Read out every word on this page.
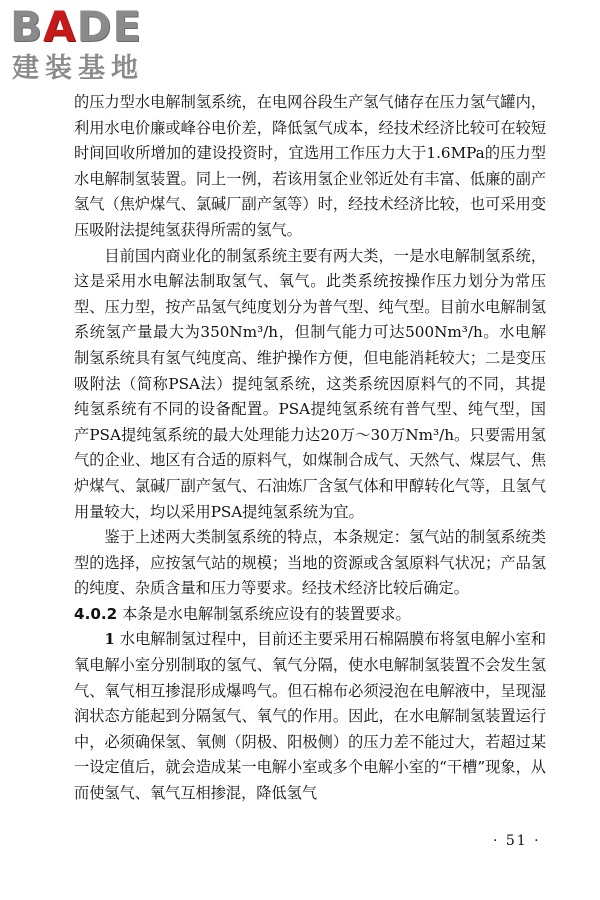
BADE
建装基地

的压力型水电解制氢系统，在电网谷段生产氢气储存在压力氢气罐内，利用水电价廉或峰谷电价差，降低氢气成本，经技术经济比较可在较短时间回收所增加的建设投资时，宜选用工作压力大于1.6MPa的压力型水电解制氢装置。同上一例，若该用氢企业邻近处有丰富、低廉的副产氢气（焦炉煤气、氯碱厂副产氢等）时，经技术经济比较，也可采用变压吸附法提纯氢获得所需的氢气。

目前国内商业化的制氢系统主要有两大类，一是水电解制氢系统，这是采用水电解法制取氢气、氧气。此类系统按操作压力划分为常压型、压力型，按产品氢气纯度划分为普气型、纯气型。目前水电解制氢系统氢产量最大为350Nm³/h，但制气能力可达500Nm³/h。水电解制氢系统具有氢气纯度高、维护操作方便，但电能消耗较大；二是变压吸附法（简称PSA法）提纯氢系统，这类系统因原料气的不同，其提纯氢系统有不同的设备配置。PSA提纯氢系统有普气型、纯气型，国产PSA提纯氢系统的最大处理能力达20万～30万Nm³/h。只要需用氢气的企业、地区有合适的原料气，如煤制合成气、天然气、煤层气、焦炉煤气、氯碱厂副产氢气、石油炼厂含氢气体和甲醇转化气等，且氢气用量较大，均以采用PSA提纯氢系统为宜。

鉴于上述两大类制氢系统的特点，本条规定：氢气站的制氢系统类型的选择，应按氢气站的规模；当地的资源或含氢原料气状况；产品氢的纯度、杂质含量和压力等要求。经技术经济比较后确定。

4.0.2 本条是水电解制氢系统应设有的装置要求。

1 水电解制氢过程中，目前还主要采用石棉隔膜布将氢电解小室和氧电解小室分别制取的氢气、氧气分隔，使水电解制氢装置不会发生氢气、氧气相互掺混形成爆鸣气。但石棉布必须浸泡在电解液中，呈现湿润状态方能起到分隔氢气、氧气的作用。因此，在水电解制氢装置运行中，必须确保氢、氧侧（阴极、阳极侧）的压力差不能过大，若超过某一设定值后，就会造成某一电解小室或多个电解小室的“干槽”现象，从而使氢气、氧气互相掺混，降低氢气

· 51 ·
